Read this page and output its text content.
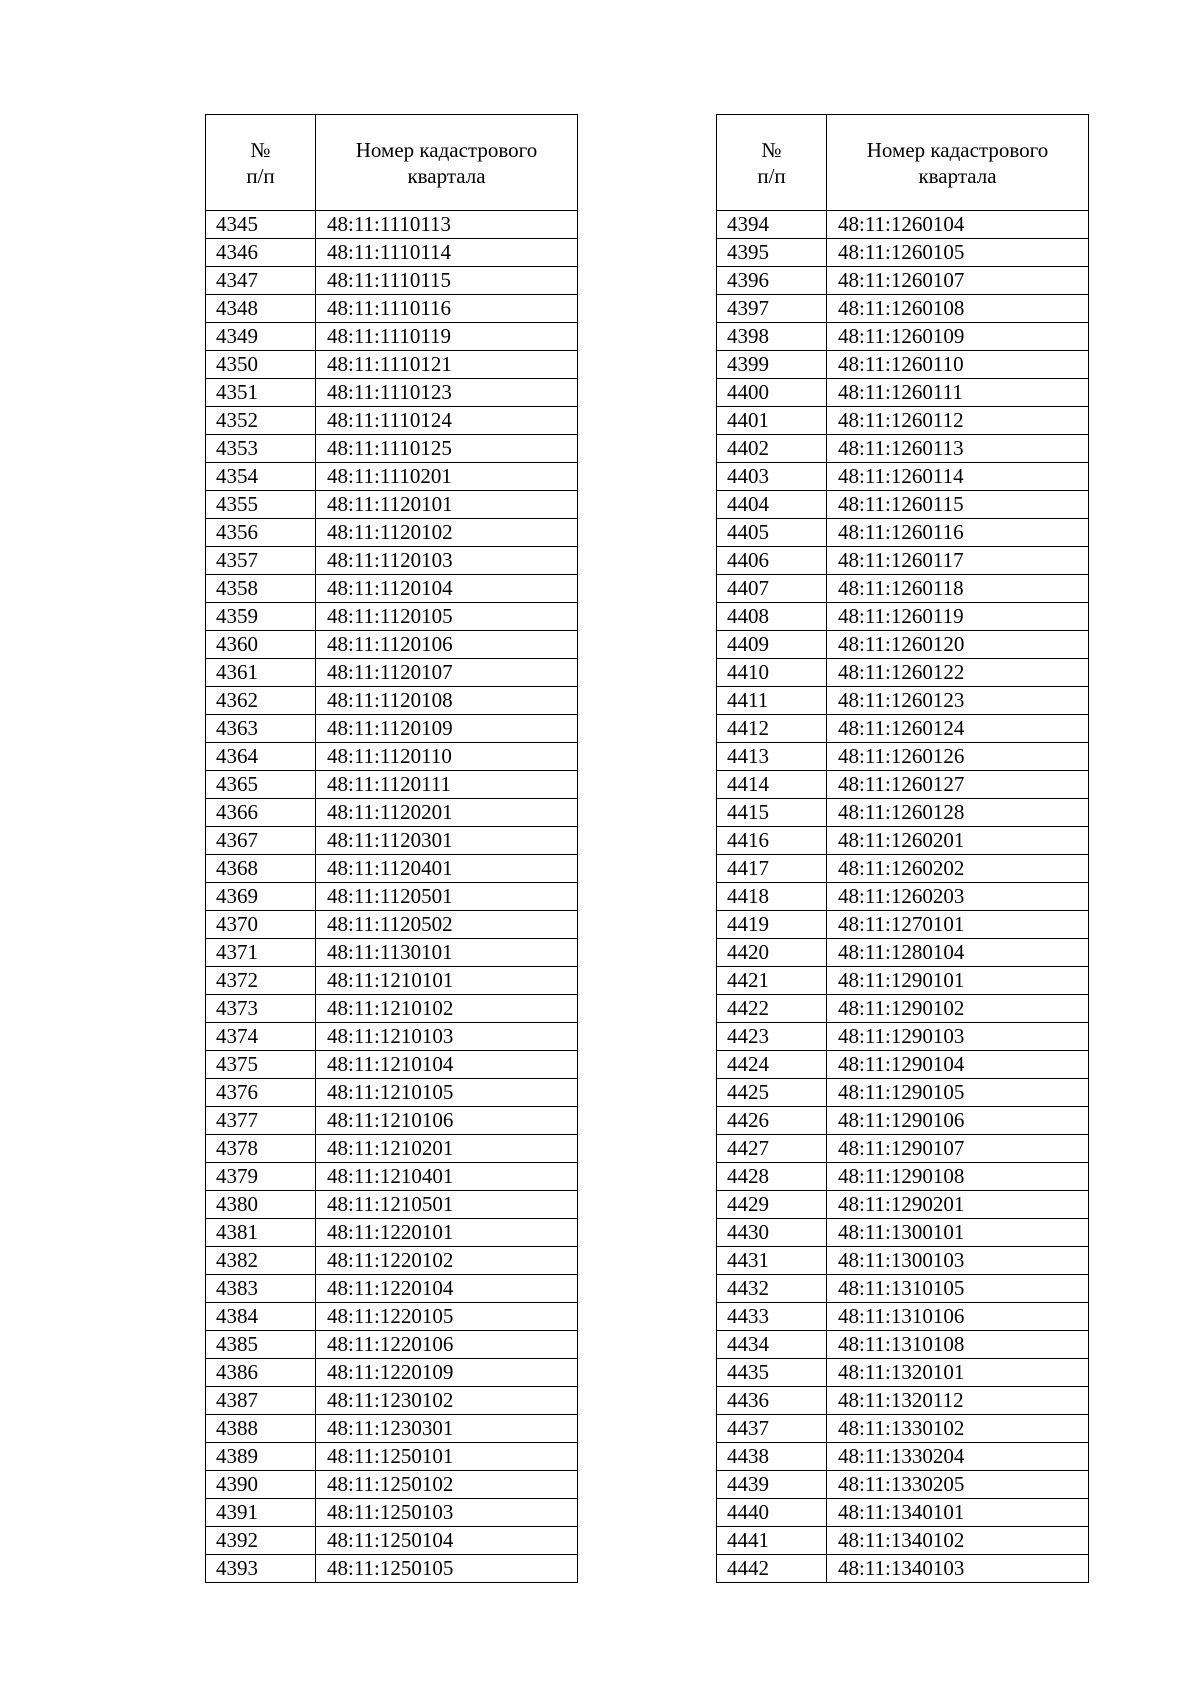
№
п/п	Номер кадастрового
квартала

4345	48:11:1110113
4346	48:11:1110114
4347	48:11:1110115
4348	48:11:1110116
4349	48:11:1110119
4350	48:11:1110121
4351	48:11:1110123
4352	48:11:1110124
4353	48:11:1110125
4354	48:11:1110201
4355	48:11:1120101
4356	48:11:1120102
4357	48:11:1120103
4358	48:11:1120104
4359	48:11:1120105
4360	48:11:1120106
4361	48:11:1120107
4362	48:11:1120108
4363	48:11:1120109
4364	48:11:1120110
4365	48:11:1120111
4366	48:11:1120201
4367	48:11:1120301
4368	48:11:1120401
4369	48:11:1120501
4370	48:11:1120502
4371	48:11:1130101
4372	48:11:1210101
4373	48:11:1210102
4374	48:11:1210103
4375	48:11:1210104
4376	48:11:1210105
4377	48:11:1210106
4378	48:11:1210201
4379	48:11:1210401
4380	48:11:1210501
4381	48:11:1220101
4382	48:11:1220102
4383	48:11:1220104
4384	48:11:1220105
4385	48:11:1220106
4386	48:11:1220109
4387	48:11:1230102
4388	48:11:1230301
4389	48:11:1250101
4390	48:11:1250102
4391	48:11:1250103
4392	48:11:1250104
4393	48:11:1250105
№
п/п	Номер кадастрового
квартала

4394	48:11:1260104
4395	48:11:1260105
4396	48:11:1260107
4397	48:11:1260108
4398	48:11:1260109
4399	48:11:1260110
4400	48:11:1260111
4401	48:11:1260112
4402	48:11:1260113
4403	48:11:1260114
4404	48:11:1260115
4405	48:11:1260116
4406	48:11:1260117
4407	48:11:1260118
4408	48:11:1260119
4409	48:11:1260120
4410	48:11:1260122
4411	48:11:1260123
4412	48:11:1260124
4413	48:11:1260126
4414	48:11:1260127
4415	48:11:1260128
4416	48:11:1260201
4417	48:11:1260202
4418	48:11:1260203
4419	48:11:1270101
4420	48:11:1280104
4421	48:11:1290101
4422	48:11:1290102
4423	48:11:1290103
4424	48:11:1290104
4425	48:11:1290105
4426	48:11:1290106
4427	48:11:1290107
4428	48:11:1290108
4429	48:11:1290201
4430	48:11:1300101
4431	48:11:1300103
4432	48:11:1310105
4433	48:11:1310106
4434	48:11:1310108
4435	48:11:1320101
4436	48:11:1320112
4437	48:11:1330102
4438	48:11:1330204
4439	48:11:1330205
4440	48:11:1340101
4441	48:11:1340102
4442	48:11:1340103
